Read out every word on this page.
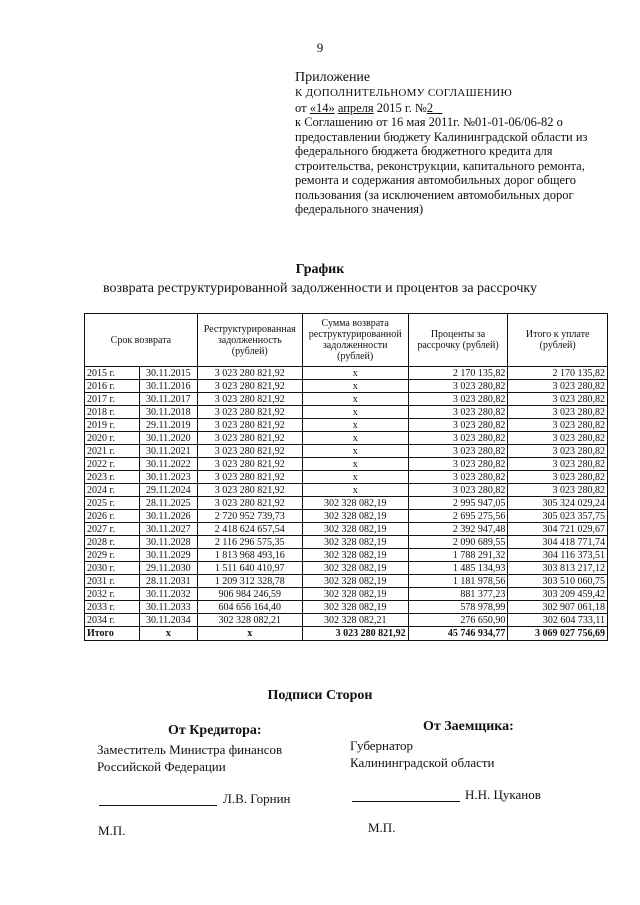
9
Приложение
К ДОПОЛНИТЕЛЬНОМУ СОГЛАШЕНИЮ
от «14» апреля 2015 г. №2
к Соглашению от 16 мая 2011г. №01-01-06/06-82 о предоставлении бюджету Калининградской области из федерального бюджета бюджетного кредита для строительства, реконструкции, капитального ремонта, ремонта и содержания автомобильных дорог общего пользования (за исключением автомобильных дорог федерального значения)
График
возврата реструктурированной задолженности и процентов за рассрочку
Срок возврата		Реструктурированная задолженность (рублей)	Сумма возврата реструктурированной задолженности (рублей)	Проценты за рассрочку (рублей)	Итого к уплате (рублей)
2015 г.	30.11.2015	3 023 280 821,92	х	2 170 135,82	2 170 135,82
2016 г.	30.11.2016	3 023 280 821,92	х	3 023 280,82	3 023 280,82
2017 г.	30.11.2017	3 023 280 821,92	х	3 023 280,82	3 023 280,82
2018 г.	30.11.2018	3 023 280 821,92	х	3 023 280,82	3 023 280,82
2019 г.	29.11.2019	3 023 280 821,92	х	3 023 280,82	3 023 280,82
2020 г.	30.11.2020	3 023 280 821,92	х	3 023 280,82	3 023 280,82
2021 г.	30.11.2021	3 023 280 821,92	х	3 023 280,82	3 023 280,82
2022 г.	30.11.2022	3 023 280 821,92	х	3 023 280,82	3 023 280,82
2023 г.	30.11.2023	3 023 280 821,92	х	3 023 280,82	3 023 280,82
2024 г.	29.11.2024	3 023 280 821,92	х	3 023 280,82	3 023 280,82
2025 г.	28.11.2025	3 023 280 821,92	302 328 082,19	2 995 947,05	305 324 029,24
2026 г.	30.11.2026	2 720 952 739,73	302 328 082,19	2 695 275,56	305 023 357,75
2027 г.	30.11.2027	2 418 624 657,54	302 328 082,19	2 392 947,48	304 721 029,67
2028 г.	30.11.2028	2 116 296 575,35	302 328 082,19	2 090 689,55	304 418 771,74
2029 г.	30.11.2029	1 813 968 493,16	302 328 082,19	1 788 291,32	304 116 373,51
2030 г.	29.11.2030	1 511 640 410,97	302 328 082,19	1 485 134,93	303 813 217,12
2031 г.	28.11.2031	1 209 312 328,78	302 328 082,19	1 181 978,56	303 510 060,75
2032 г.	30.11.2032	906 984 246,59	302 328 082,19	881 377,23	303 209 459,42
2033 г.	30.11.2033	604 656 164,40	302 328 082,19	578 978,99	302 907 061,18
2034 г.	30.11.2034	302 328 082,21	302 328 082,21	276 650,90	302 604 733,11
Итого	х	х	3 023 280 821,92	45 746 934,77	3 069 027 756,69
Подписи Сторон
От Кредитора:	От Заемщика:
Заместитель Министра финансов
Российской Федерации
Губернатор
Калининградской области
Л.В. Горнин	Н.Н. Цуканов
М.П.	М.П.
